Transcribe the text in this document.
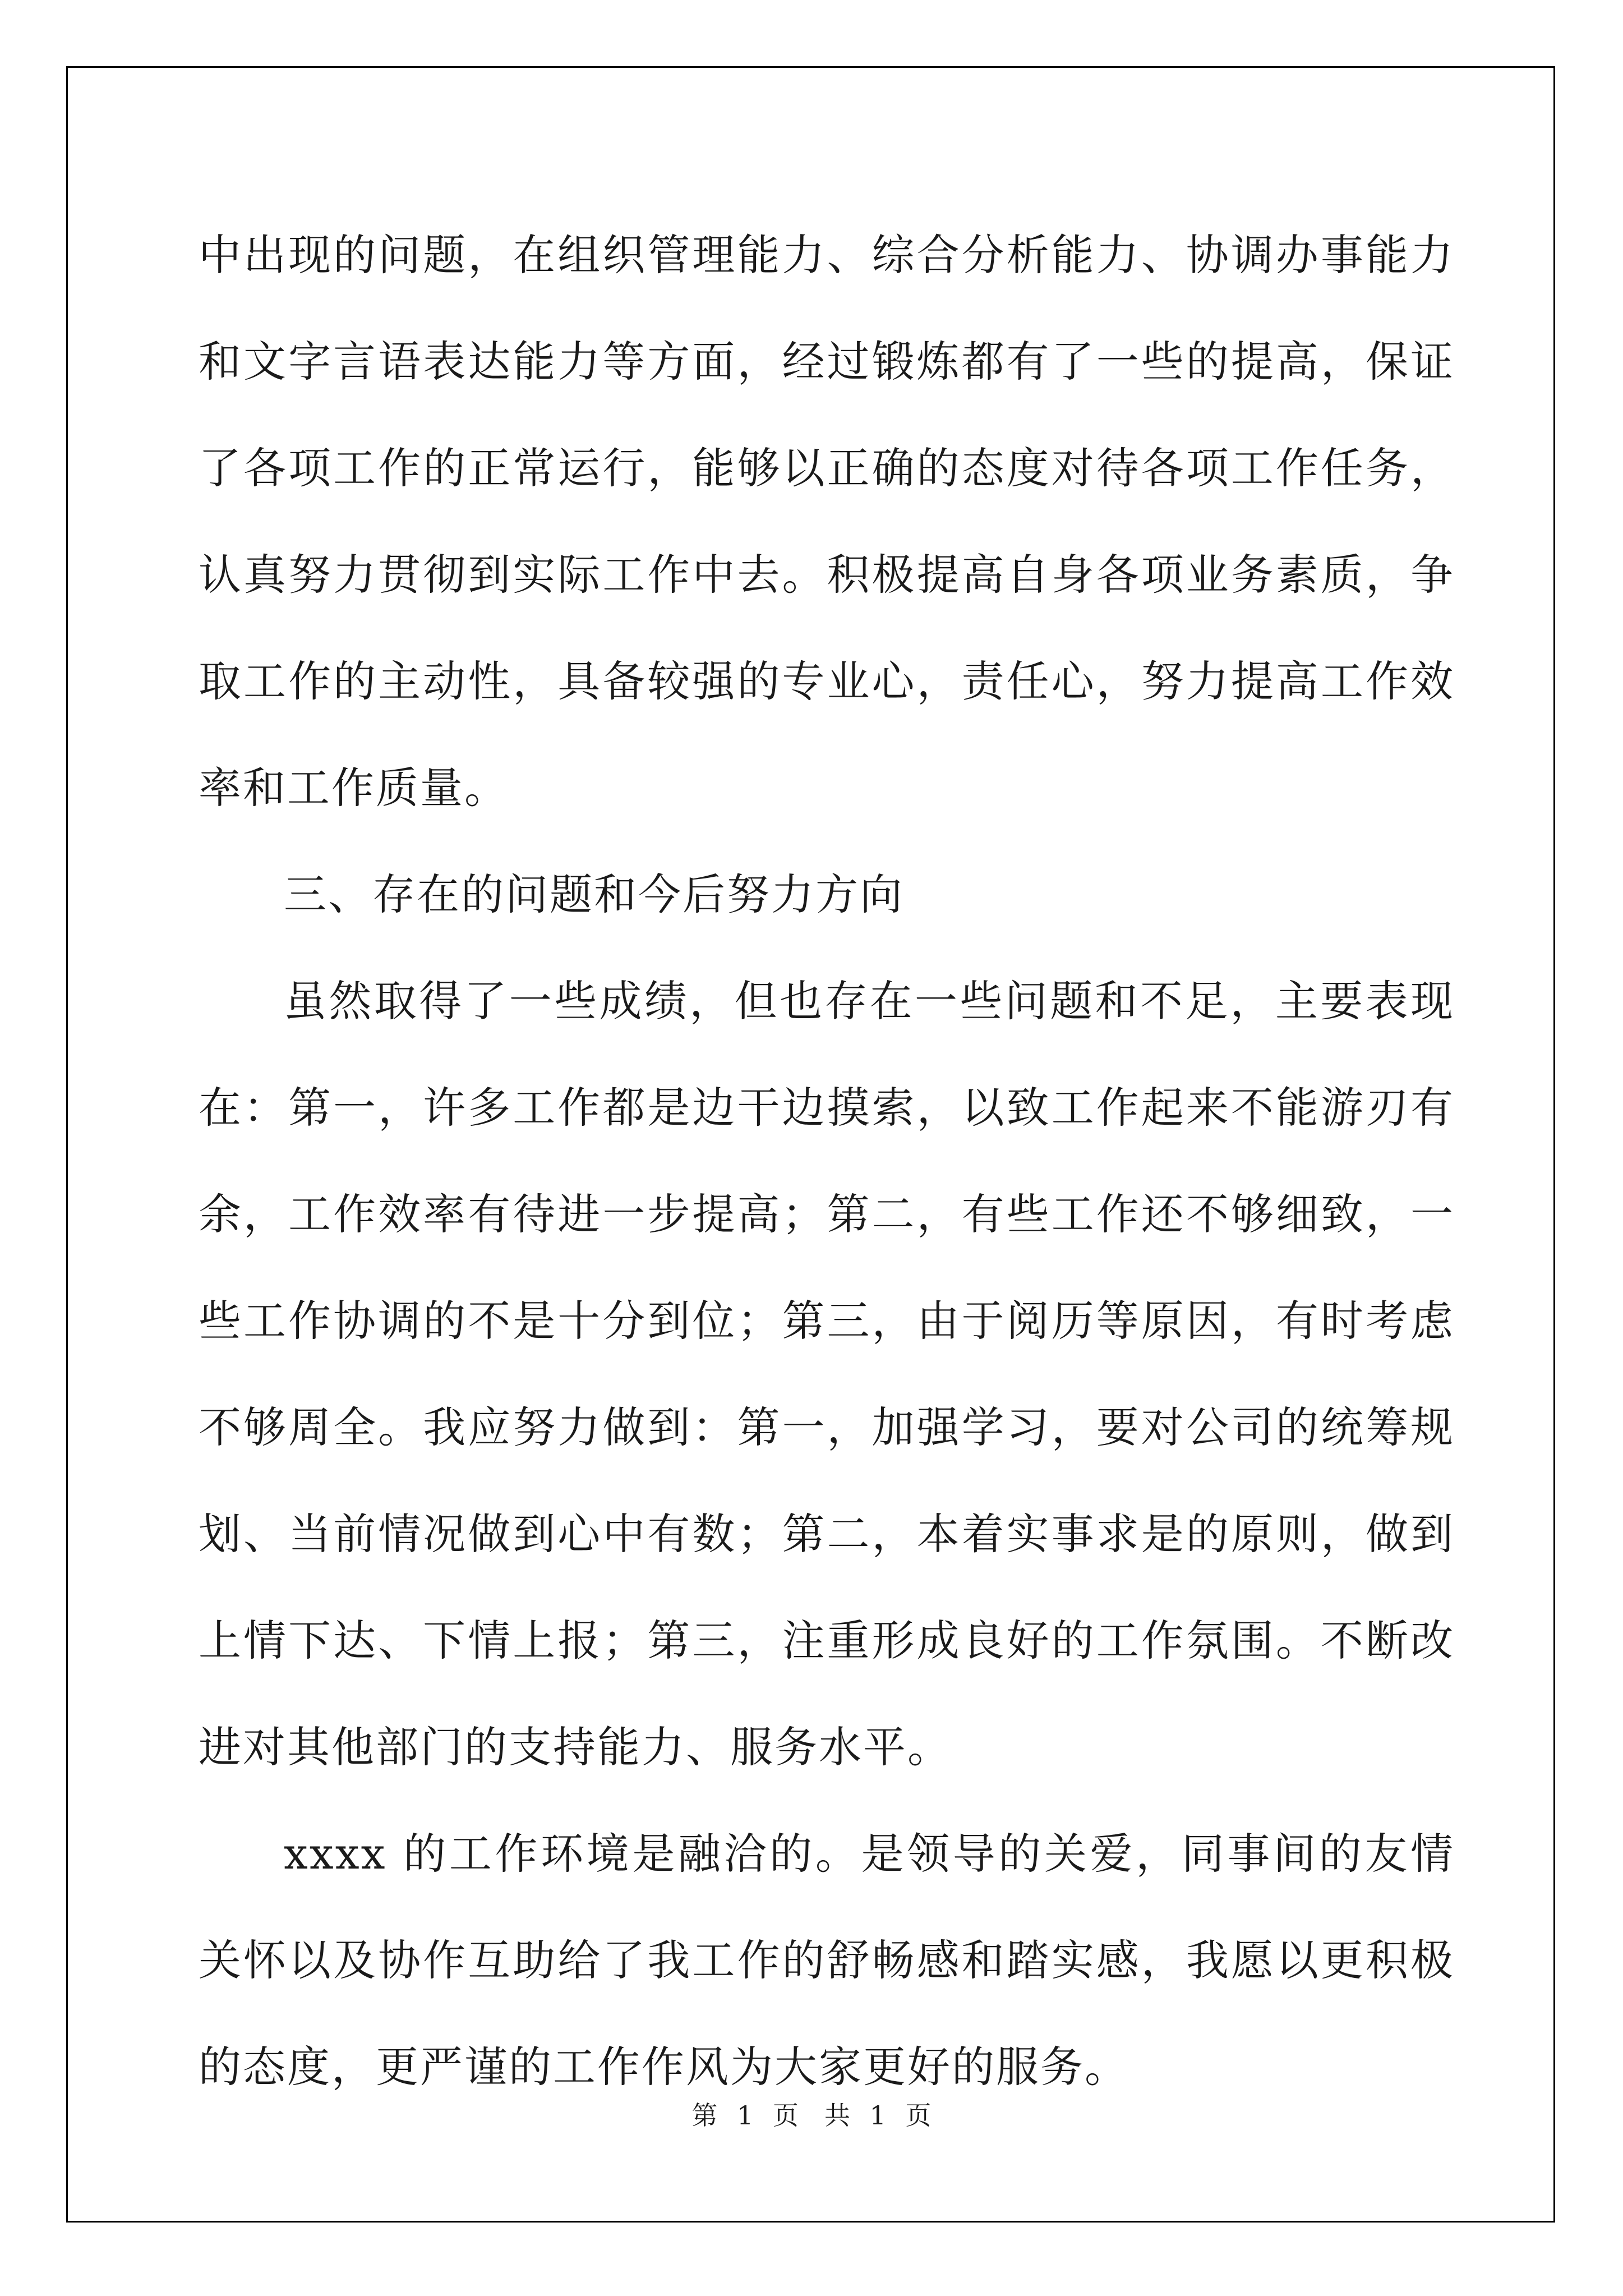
中出现的问题，在组织管理能力、综合分析能力、协调办事能力和文字言语表达能力等方面，经过锻炼都有了一些的提高，保证了各项工作的正常运行，能够以正确的态度对待各项工作任务，认真努力贯彻到实际工作中去。积极提高自身各项业务素质，争取工作的主动性，具备较强的专业心，责任心，努力提高工作效率和工作质量。

三、存在的问题和今后努力方向

虽然取得了一些成绩，但也存在一些问题和不足，主要表现在：第一，许多工作都是边干边摸索，以致工作起来不能游刃有余，工作效率有待进一步提高；第二，有些工作还不够细致，一些工作协调的不是十分到位；第三，由于阅历等原因，有时考虑不够周全。我应努力做到：第一，加强学习，要对公司的统筹规划、当前情况做到心中有数；第二，本着实事求是的原则，做到上情下达、下情上报；第三，注重形成良好的工作氛围。不断改进对其他部门的支持能力、服务水平。

xxxx 的工作环境是融洽的。是领导的关爱，同事间的友情关怀以及协作互助给了我工作的舒畅感和踏实感，我愿以更积极的态度，更严谨的工作作风为大家更好的服务。

第 1 页　共 1 页
